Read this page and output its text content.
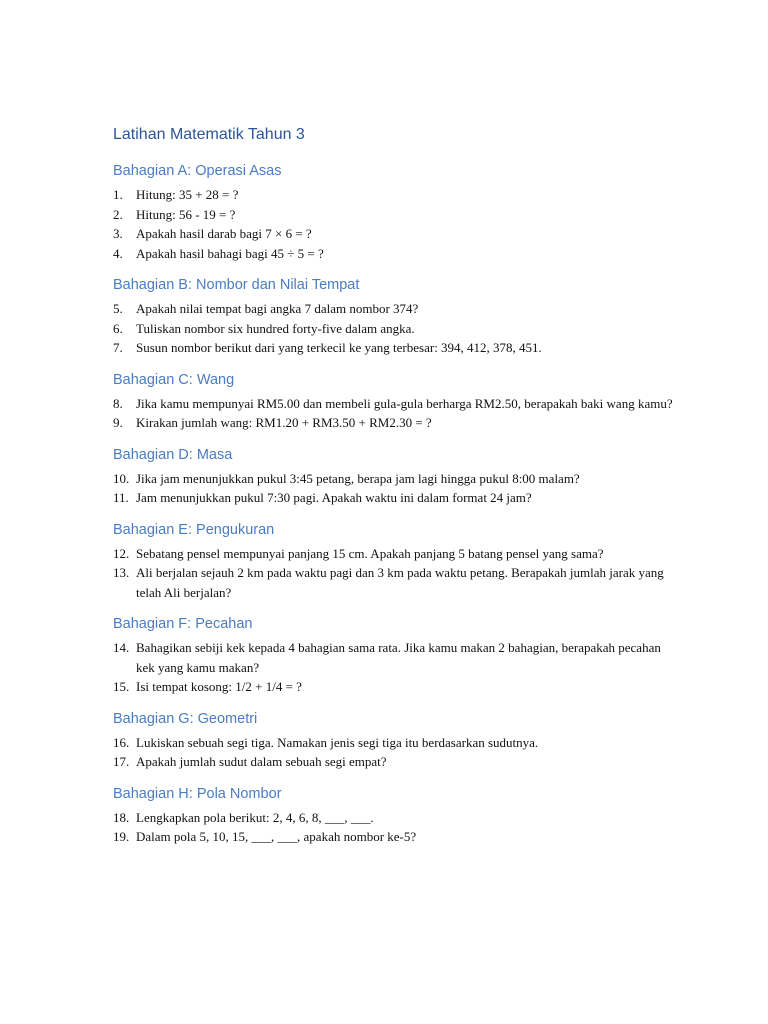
Latihan Matematik Tahun 3
Bahagian A: Operasi Asas
1.	Hitung: 35 + 28 = ?
2.	Hitung: 56 - 19 = ?
3.	Apakah hasil darab bagi 7 × 6 = ?
4.	Apakah hasil bahagi bagi 45 ÷ 5 = ?
Bahagian B: Nombor dan Nilai Tempat
5.	Apakah nilai tempat bagi angka 7 dalam nombor 374?
6.	Tuliskan nombor six hundred forty-five dalam angka.
7.	Susun nombor berikut dari yang terkecil ke yang terbesar: 394, 412, 378, 451.
Bahagian C: Wang
8.	Jika kamu mempunyai RM5.00 dan membeli gula-gula berharga RM2.50, berapakah baki wang kamu?
9.	Kirakan jumlah wang: RM1.20 + RM3.50 + RM2.30 = ?
Bahagian D: Masa
10. Jika jam menunjukkan pukul 3:45 petang, berapa jam lagi hingga pukul 8:00 malam?
11. Jam menunjukkan pukul 7:30 pagi. Apakah waktu ini dalam format 24 jam?
Bahagian E: Pengukuran
12. Sebatang pensel mempunyai panjang 15 cm. Apakah panjang 5 batang pensel yang sama?
13. Ali berjalan sejauh 2 km pada waktu pagi dan 3 km pada waktu petang. Berapakah jumlah jarak yang telah Ali berjalan?
Bahagian F: Pecahan
14. Bahagikan sebiji kek kepada 4 bahagian sama rata. Jika kamu makan 2 bahagian, berapakah pecahan kek yang kamu makan?
15. Isi tempat kosong: 1/2 + 1/4 = ?
Bahagian G: Geometri
16. Lukiskan sebuah segi tiga. Namakan jenis segi tiga itu berdasarkan sudutnya.
17. Apakah jumlah sudut dalam sebuah segi empat?
Bahagian H: Pola Nombor
18. Lengkapkan pola berikut: 2, 4, 6, 8, ___, ___.
19. Dalam pola 5, 10, 15, ___, ___, apakah nombor ke-5?
